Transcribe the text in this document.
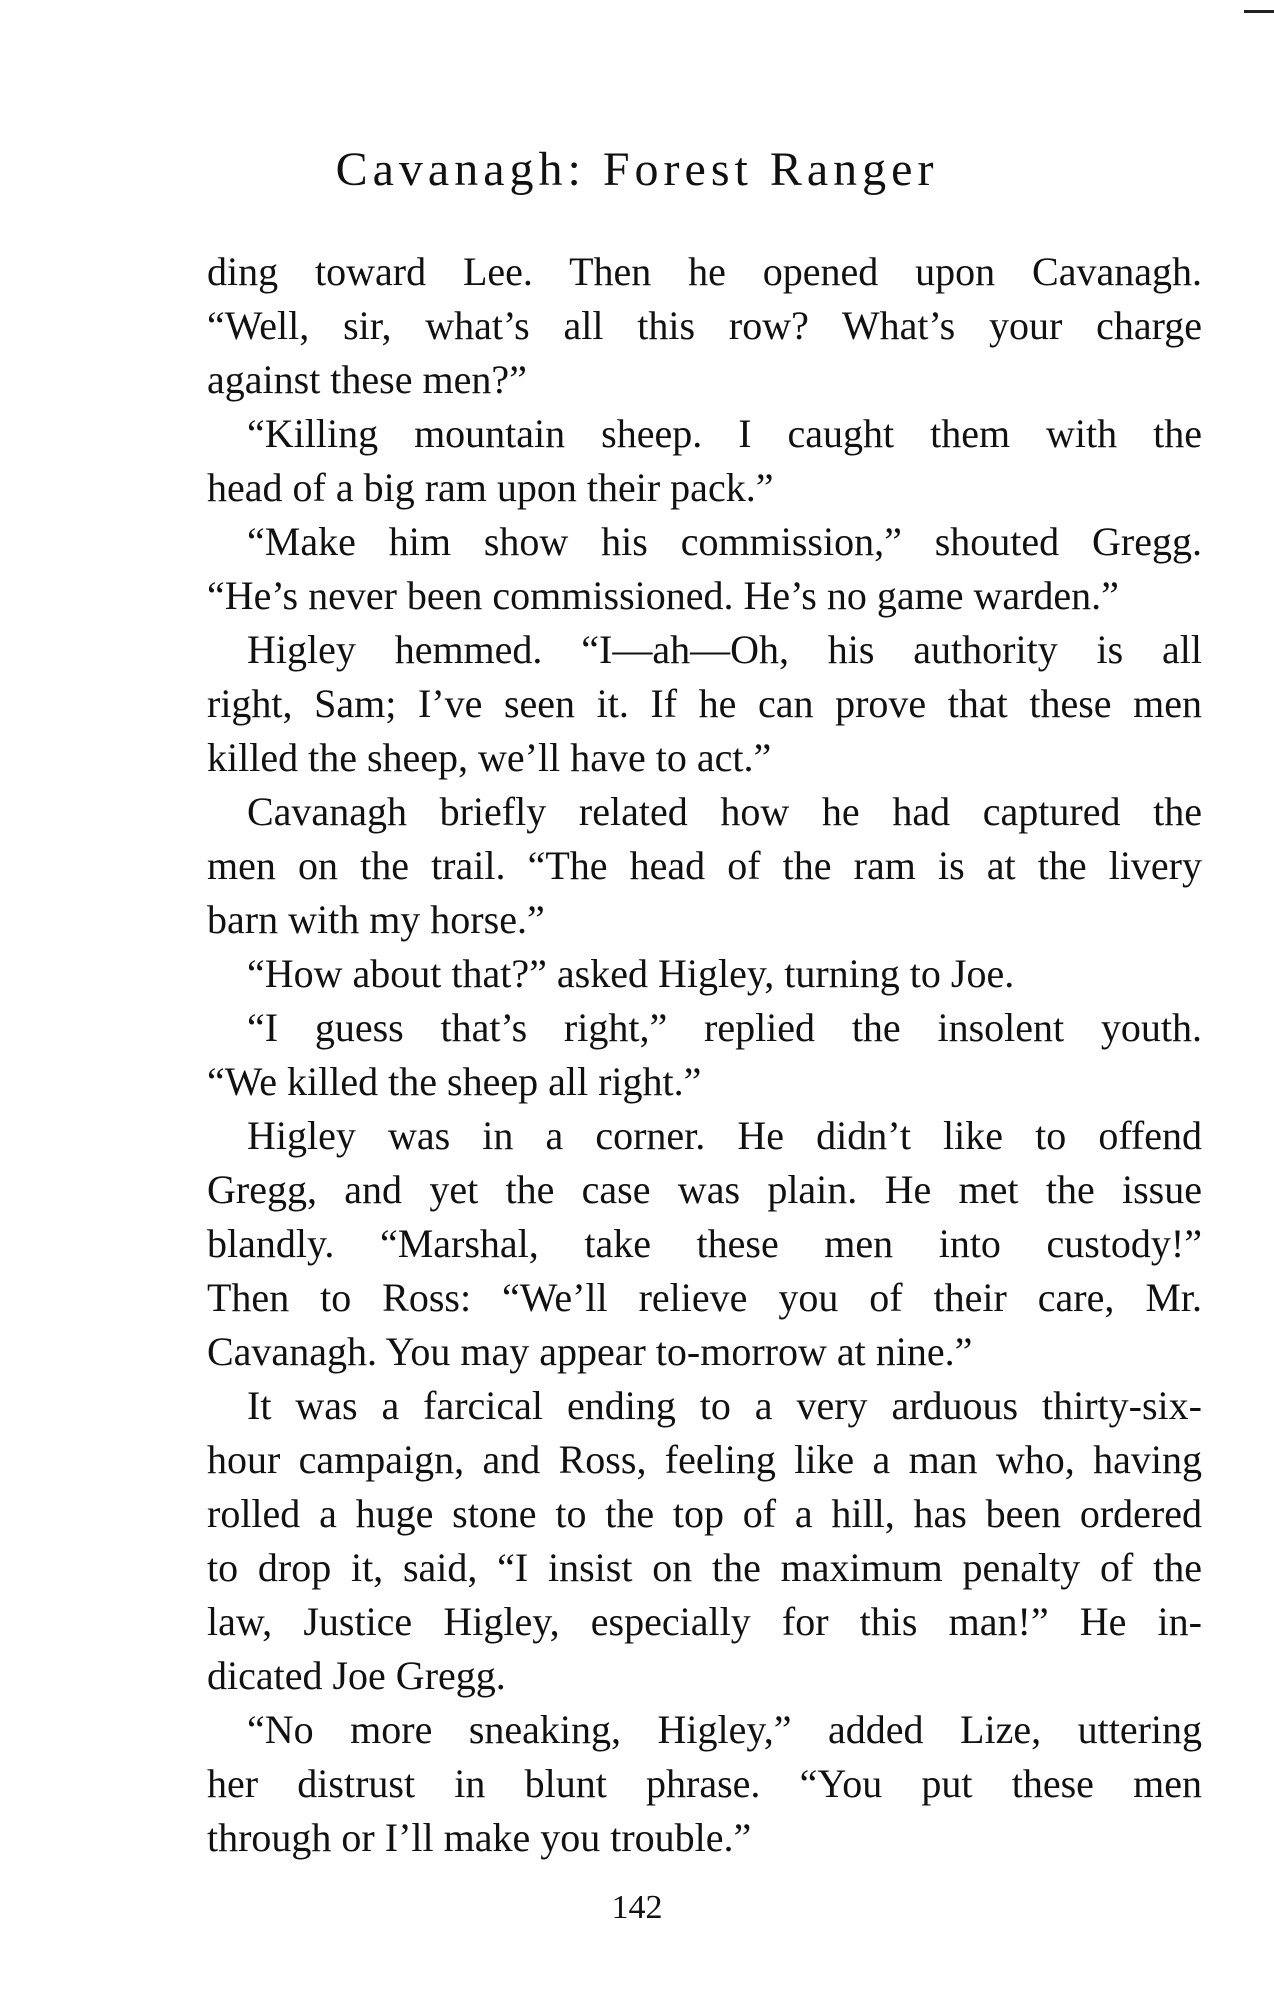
Cavanagh: Forest Ranger
ding toward Lee. Then he opened upon Cavanagh.
“Well, sir, what’s all this row? What’s your charge
against these men?”
“Killing mountain sheep. I caught them with the
head of a big ram upon their pack.”
“Make him show his commission,” shouted Gregg.
“He’s never been commissioned. He’s no game warden.”
Higley hemmed. “I—ah—Oh, his authority is all
right, Sam; I’ve seen it. If he can prove that these men
killed the sheep, we’ll have to act.”
Cavanagh briefly related how he had captured the
men on the trail. “The head of the ram is at the livery
barn with my horse.”
“How about that?” asked Higley, turning to Joe.
“I guess that’s right,” replied the insolent youth.
“We killed the sheep all right.”
Higley was in a corner. He didn’t like to offend
Gregg, and yet the case was plain. He met the issue
blandly. “Marshal, take these men into custody!”
Then to Ross: “We’ll relieve you of their care, Mr.
Cavanagh. You may appear to-morrow at nine.”
It was a farcical ending to a very arduous thirty-six-
hour campaign, and Ross, feeling like a man who, having
rolled a huge stone to the top of a hill, has been ordered
to drop it, said, “I insist on the maximum penalty of the
law, Justice Higley, especially for this man!” He in-
dicated Joe Gregg.
“No more sneaking, Higley,” added Lize, uttering
her distrust in blunt phrase. “You put these men
through or I’ll make you trouble.”
142
